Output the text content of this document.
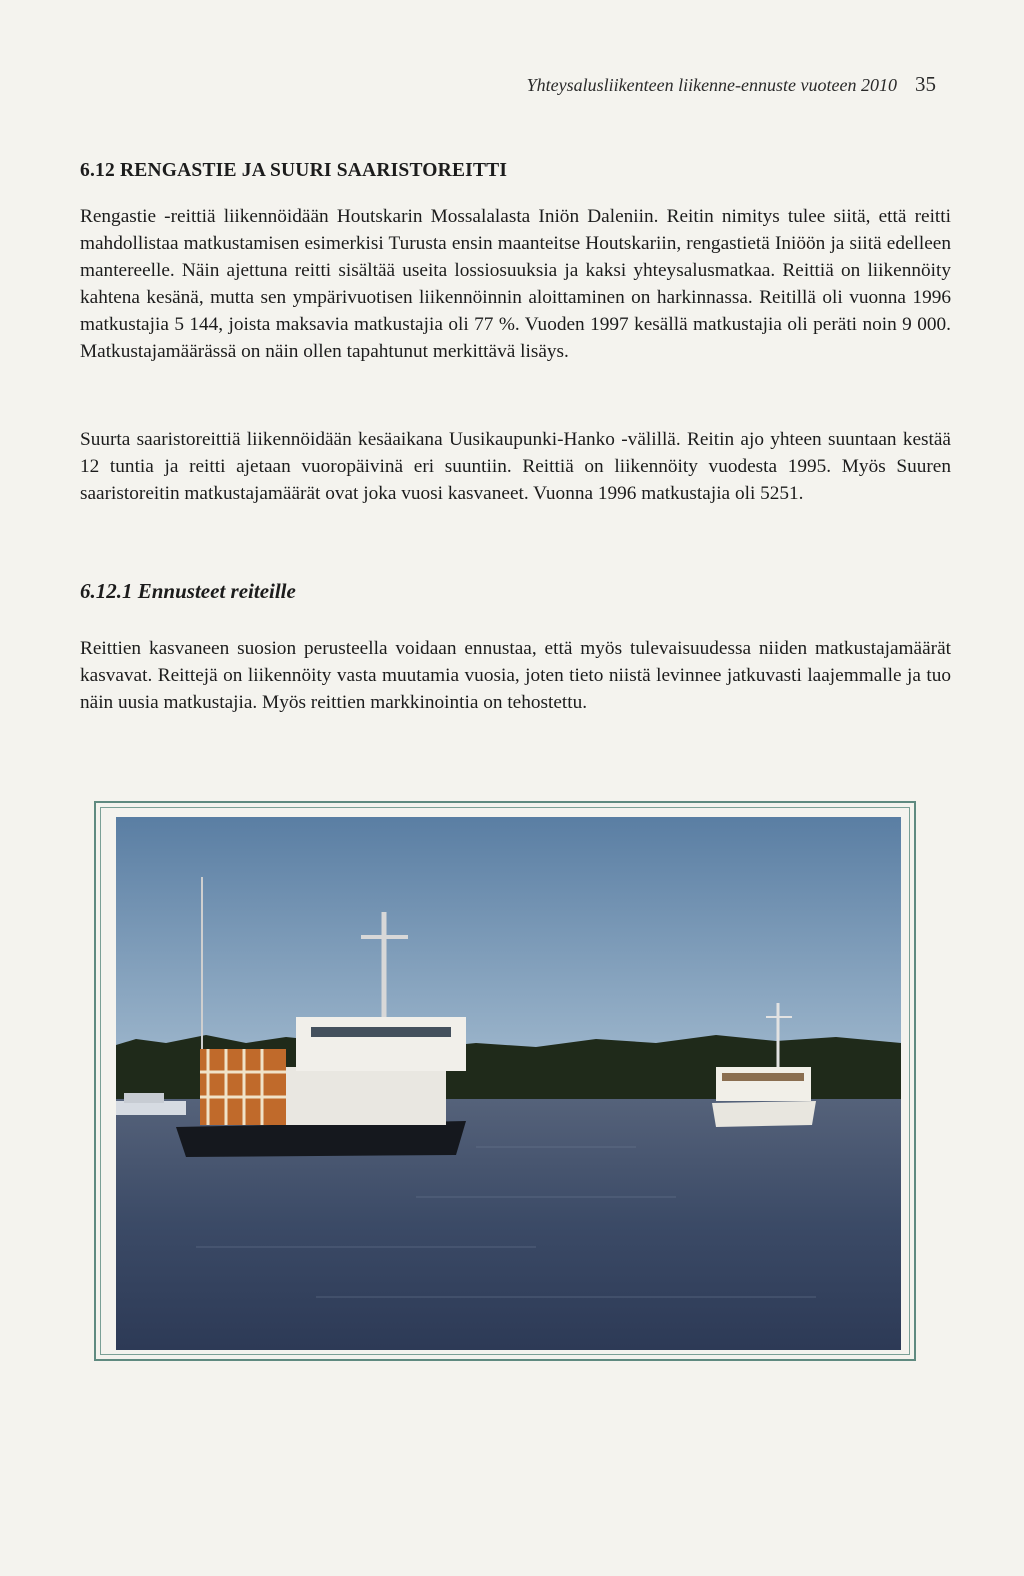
Yhteysalusliikenteen liikenne-ennuste vuoteen 2010 35
6.12 RENGASTIE JA SUURI SAARISTOREITTI

Rengastie -reittiä liikennöidään Houtskarin Mossalalasta Iniön Daleniin. Reitin nimitys tulee siitä, että reitti mahdollistaa matkustamisen esimerkisi Turusta ensin maanteitse Houtskariin, rengastietä Iniöön ja siitä edelleen mantereelle. Näin ajettuna reitti sisältää useita lossiosuuksia ja kaksi yhteysalusmatkaa. Reittiä on liikennöity kahtena kesänä, mutta sen ympärivuotisen liikennöinnin aloittaminen on harkinnassa. Reitillä oli vuonna 1996 matkustajia 5 144, joista maksavia matkustajia oli 77 %. Vuoden 1997 kesällä matkustajia oli peräti noin 9 000. Matkustajamäärässä on näin ollen tapahtunut merkittävä lisäys.

Suurta saaristoreittiä liikennöidään kesäaikana Uusikaupunki-Hanko -välillä. Reitin ajo yhteen suuntaan kestää 12 tuntia ja reitti ajetaan vuoropäivinä eri suuntiin. Reittiä on liikennöity vuodesta 1995. Myös Suuren saaristoreitin matkustajamäärät ovat joka vuosi kasvaneet. Vuonna 1996 matkustajia oli 5251.

6.12.1 Ennusteet reiteille

Reittien kasvaneen suosion perusteella voidaan ennustaa, että myös tulevaisuudessa niiden matkustajamäärät kasvavat. Reittejä on liikennöity vasta muutamia vuosia, joten tieto niistä levinnee jatkuvasti laajemmalle ja tuo näin uusia matkustajia. Myös reittien markkinointia on tehostettu.
